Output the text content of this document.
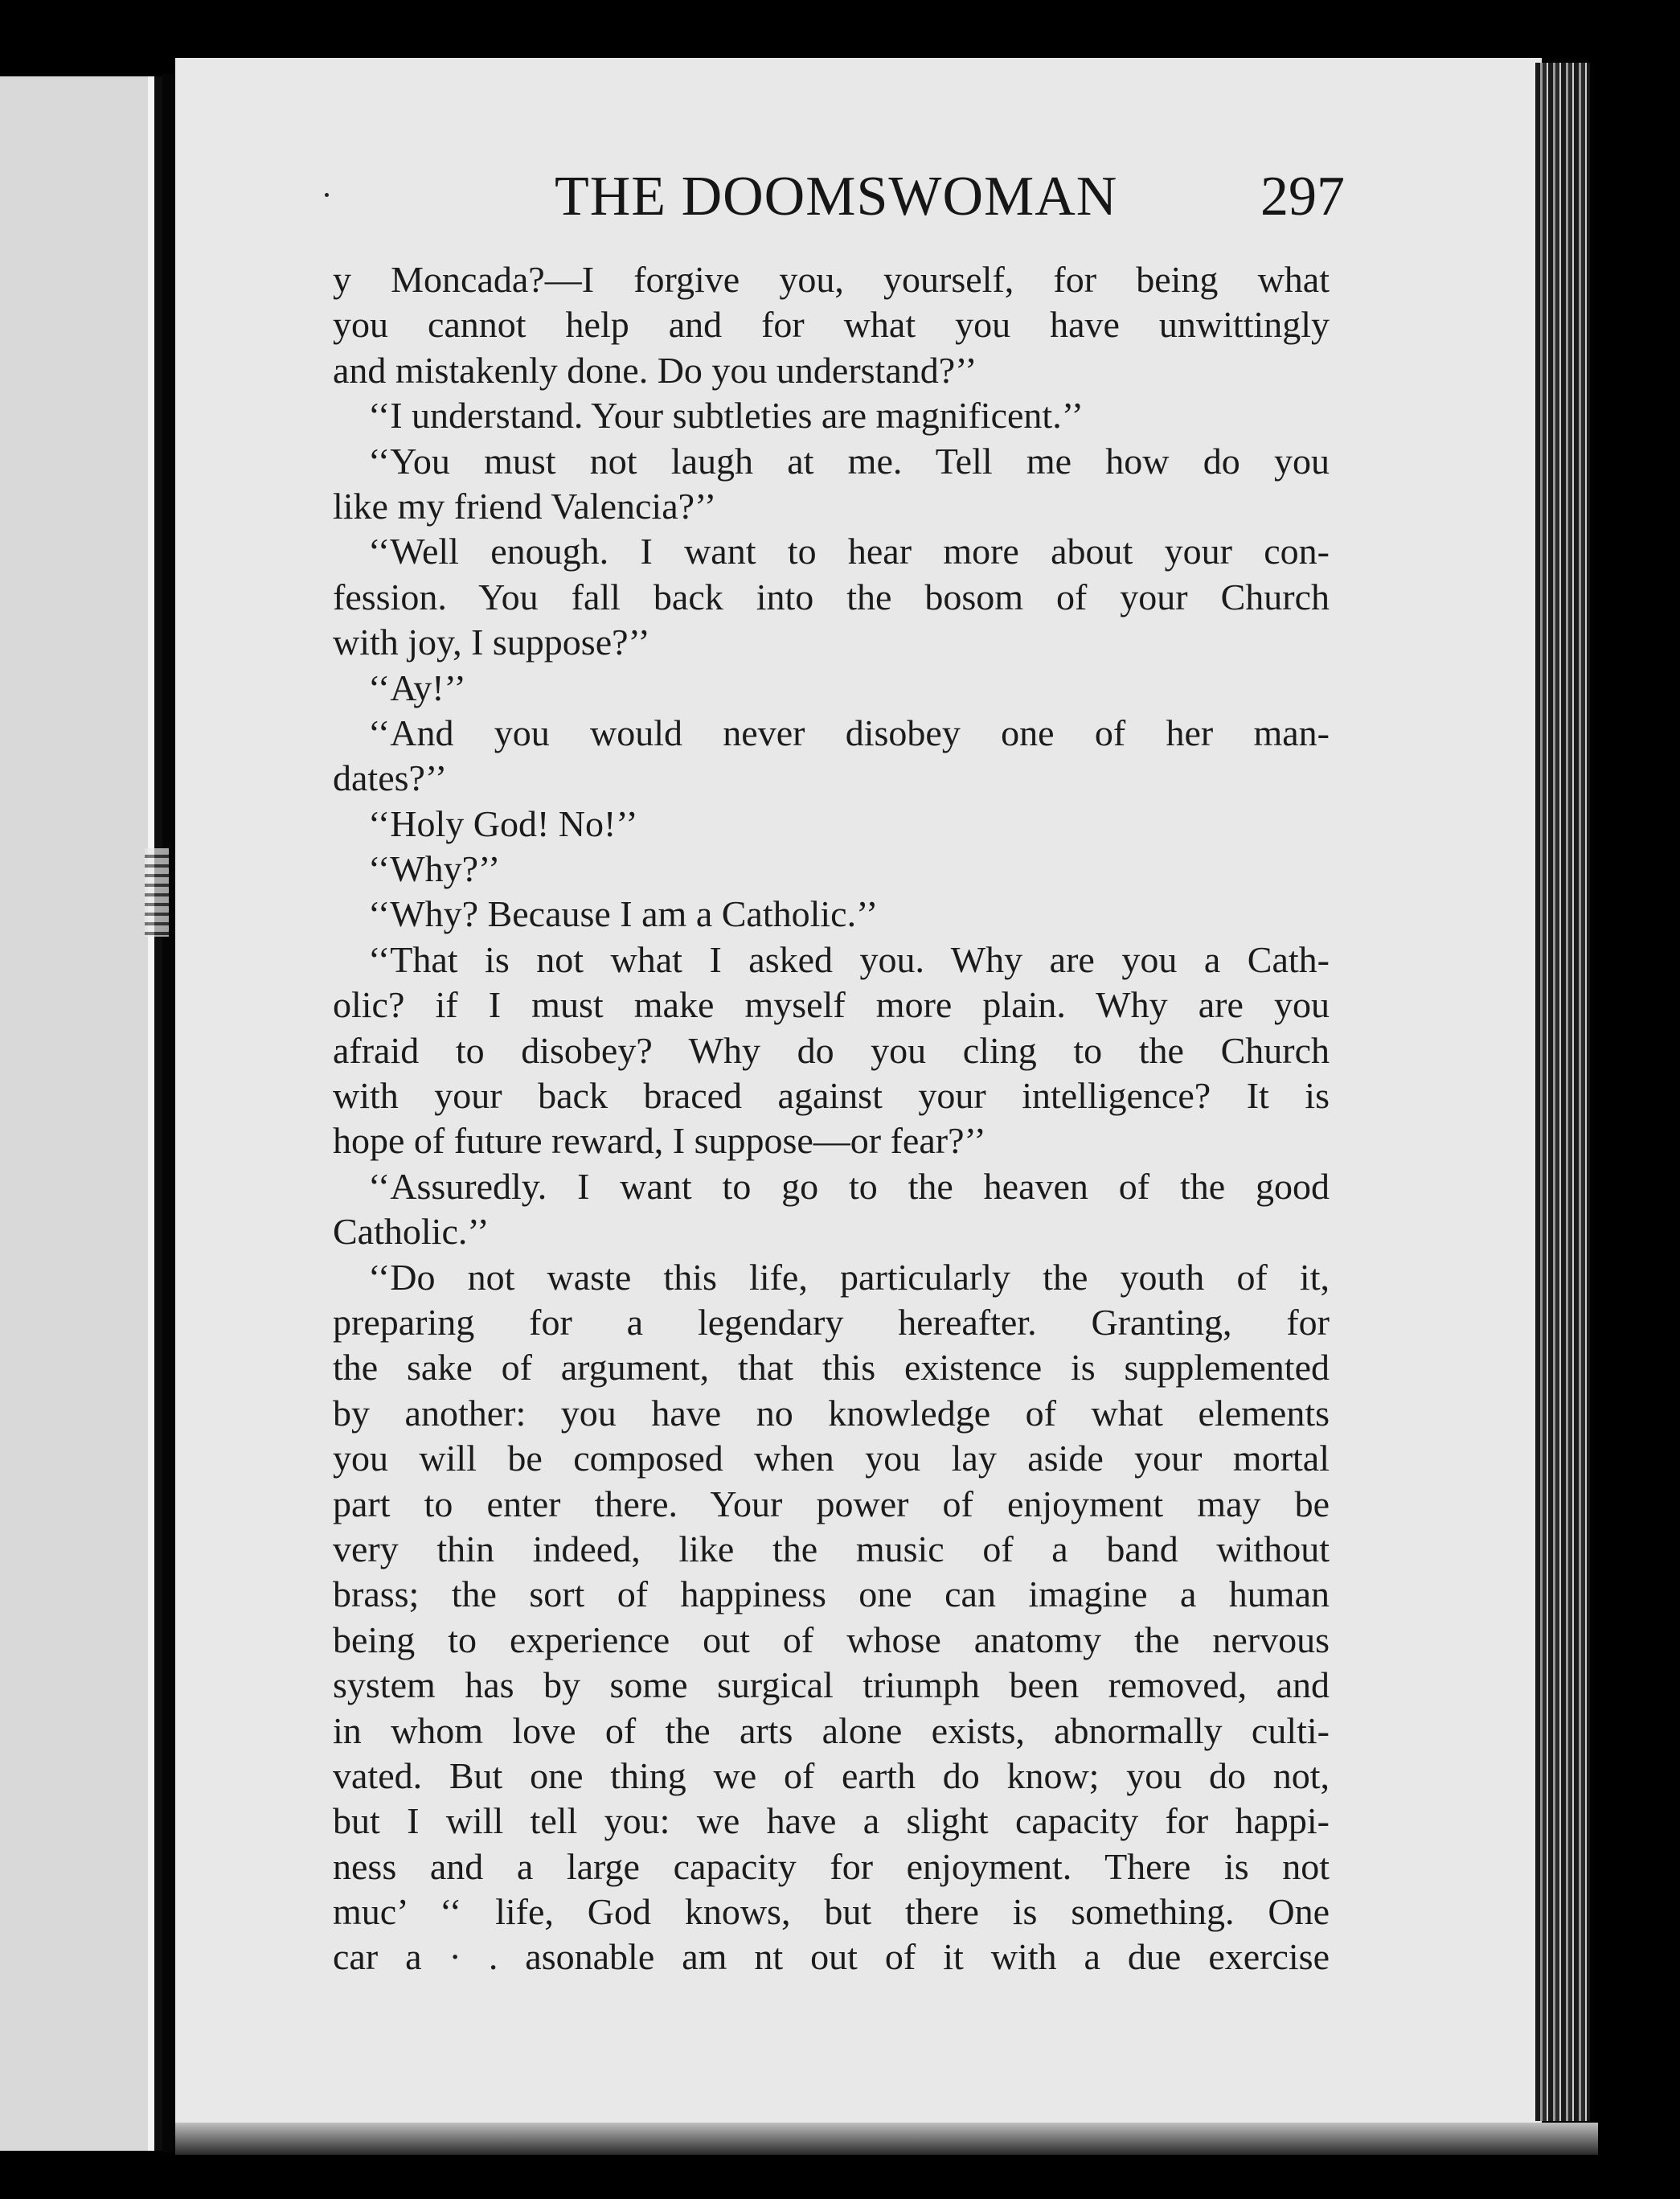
THE DOOMSWOMAN	297
y Moncada?—I forgive you, yourself, for being what
you cannot help and for what you have unwittingly
and mistakenly done. Do you understand?’’
‘‘I understand. Your subtleties are magnificent.’’
‘‘You must not laugh at me. Tell me how do you
like my friend Valencia?’’
‘‘Well enough. I want to hear more about your con-
fession. You fall back into the bosom of your Church
with joy, I suppose?’’
‘‘Ay!’’
‘‘And you would never disobey one of her man-
dates?’’
‘‘Holy God! No!’’
‘‘Why?’’
‘‘Why? Because I am a Catholic.’’
‘‘That is not what I asked you. Why are you a Cath-
olic? if I must make myself more plain. Why are you
afraid to disobey? Why do you cling to the Church
with your back braced against your intelligence? It is
hope of future reward, I suppose—or fear?’’
‘‘Assuredly. I want to go to the heaven of the good
Catholic.’’
‘‘Do not waste this life, particularly the youth of it,
preparing for a legendary hereafter. Granting, for
the sake of argument, that this existence is supplemented
by another: you have no knowledge of what elements
you will be composed when you lay aside your mortal
part to enter there. Your power of enjoyment may be
very thin indeed, like the music of a band without
brass; the sort of happiness one can imagine a human
being to experience out of whose anatomy the nervous
system has by some surgical triumph been removed, and
in whom love of the arts alone exists, abnormally culti-
vated. But one thing we of earth do know; you do not,
but I will tell you: we have a slight capacity for happi-
ness and a large capacity for enjoyment. There is not
muc’ ‘‘ life, God knows, but there is something. One
car a · . asonable am nt out of it with a due exercise
